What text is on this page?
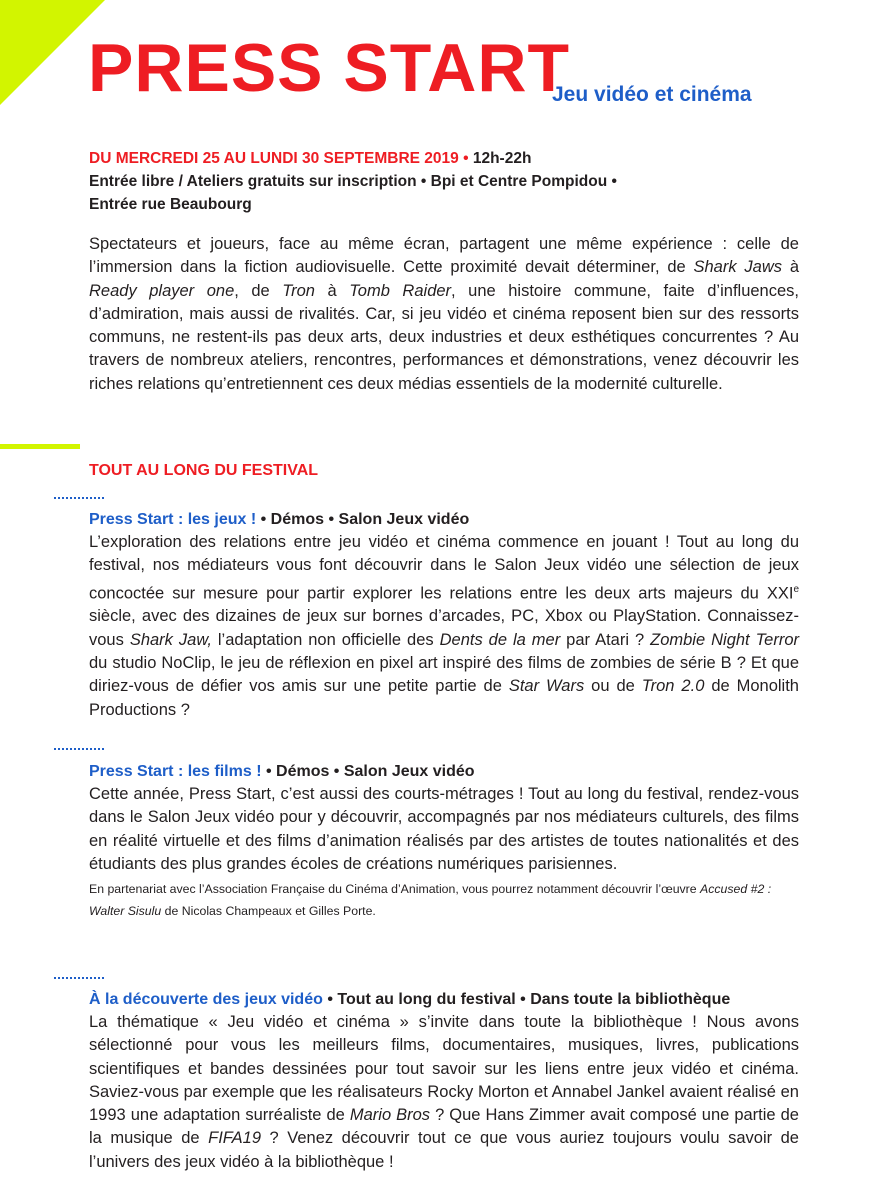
PRESS START
Jeu vidéo et cinéma
DU MERCREDI 25 AU LUNDI 30 SEPTEMBRE 2019 • 12h-22h
Entrée libre / Ateliers gratuits sur inscription • Bpi et Centre Pompidou •
Entrée rue Beaubourg
Spectateurs et joueurs, face au même écran, partagent une même expérience : celle de l’immersion dans la fiction audiovisuelle. Cette proximité devait déterminer, de Shark Jaws à Ready player one, de Tron à Tomb Raider, une histoire commune, faite d’influences, d’admiration, mais aussi de rivalités. Car, si jeu vidéo et cinéma reposent bien sur des ressorts communs, ne restent-ils pas deux arts, deux industries et deux esthétiques concurrentes ? Au travers de nombreux ateliers, rencontres, performances et démonstrations, venez découvrir les riches relations qu’entretiennent ces deux médias essentiels de la modernité culturelle.
TOUT AU LONG DU FESTIVAL
Press Start : les jeux ! • Démos • Salon Jeux vidéo
L’exploration des relations entre jeu vidéo et cinéma commence en jouant ! Tout au long du festival, nos médiateurs vous font découvrir dans le Salon Jeux vidéo une sélection de jeux concoctée sur mesure pour partir explorer les relations entre les deux arts majeurs du XXIe siècle, avec des dizaines de jeux sur bornes d’arcades, PC, Xbox ou PlayStation. Connaissez-vous Shark Jaw, l’adaptation non officielle des Dents de la mer par Atari ? Zombie Night Terror du studio NoClip, le jeu de réflexion en pixel art inspiré des films de zombies de série B ? Et que diriez-vous de défier vos amis sur une petite partie de Star Wars ou de Tron 2.0 de Monolith Productions ?
Press Start : les films ! • Démos • Salon Jeux vidéo
Cette année, Press Start, c’est aussi des courts-métrages ! Tout au long du festival, rendez-vous dans le Salon Jeux vidéo pour y découvrir, accompagnés par nos médiateurs culturels, des films en réalité virtuelle et des films d’animation réalisés par des artistes de toutes nationalités et des étudiants des plus grandes écoles de créations numériques parisiennes.
En partenariat avec l’Association Française du Cinéma d’Animation, vous pourrez notamment découvrir l’œuvre Accused #2 : Walter Sisulu de Nicolas Champeaux et Gilles Porte.
À la découverte des jeux vidéo • Tout au long du festival • Dans toute la bibliothèque
La thématique « Jeu vidéo et cinéma » s’invite dans toute la bibliothèque ! Nous avons sélectionné pour vous les meilleurs films, documentaires, musiques, livres, publications scientifiques et bandes dessinées pour tout savoir sur les liens entre jeux vidéo et cinéma. Saviez-vous par exemple que les réalisateurs Rocky Morton et Annabel Jankel avaient réalisé en 1993 une adaptation surréaliste de Mario Bros ? Que Hans Zimmer avait composé une partie de la musique de FIFA19 ? Venez découvrir tout ce que vous auriez toujours voulu savoir de l’univers des jeux vidéo à la bibliothèque !
